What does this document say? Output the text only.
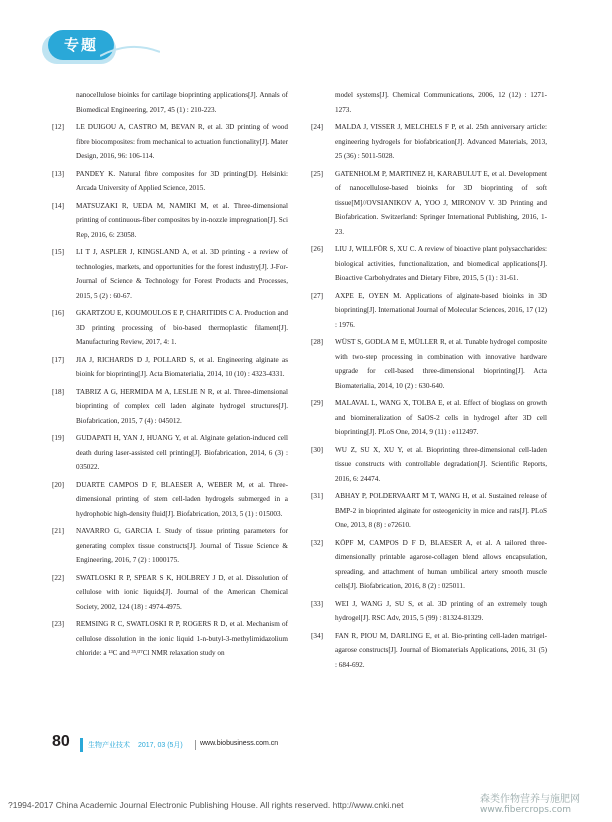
专题
nanocellulose bioinks for cartilage bioprinting applications[J]. Annals of Biomedical Engineering, 2017, 45 (1) : 210-223.
[12]	LE DUIGOU A, CASTRO M, BEVAN R, et al. 3D printing of wood fibre biocomposites: from mechanical to actuation functionality[J]. Mater Design, 2016, 96: 106-114.
[13]	PANDEY K. Natural fibre composites for 3D printing[D]. Helsinki: Arcada University of Applied Science, 2015.
[14]	MATSUZAKI R, UEDA M, NAMIKI M, et al. Three-dimensional printing of continuous-fiber composites by in-nozzle impregnation[J]. Sci Rep, 2016, 6: 23058.
[15]	LI T J, ASPLER J, KINGSLAND A, et al. 3D printing - a review of technologies, markets, and opportunities for the forest industry[J]. J-For-Journal of Science & Technology for Forest Products and Processes, 2015, 5 (2) : 60-67.
[16]	GKARTZOU E, KOUMOULOS E P, CHARITIDIS C A. Production and 3D printing processing of bio-based thermoplastic filament[J]. Manufacturing Review, 2017, 4: 1.
[17]	JIA J, RICHARDS D J, POLLARD S, et al. Engineering alginate as bioink for bioprinting[J]. Acta Biomaterialia, 2014, 10 (10) : 4323-4331.
[18]	TABRIZ A G, HERMIDA M A, LESLIE N R, et al. Three-dimensional bioprinting of complex cell laden alginate hydrogel structures[J]. Biofabrication, 2015, 7 (4) : 045012.
[19]	GUDAPATI H, YAN J, HUANG Y, et al. Alginate gelation-induced cell death during laser-assisted cell printing[J]. Biofabrication, 2014, 6 (3) : 035022.
[20]	DUARTE CAMPOS D F, BLAESER A, WEBER M, et al. Three-dimensional printing of stem cell-laden hydrogels submerged in a hydrophobic high-density fluid[J]. Biofabrication, 2013, 5 (1) : 015003.
[21]	NAVARRO G, GARCIA I. Study of tissue printing parameters for generating complex tissue constructs[J]. Journal of Tissue Science & Engineering, 2016, 7 (2) : 1000175.
[22]	SWATLOSKI R P, SPEAR S K, HOLBREY J D, et al. Dissolution of cellulose with ionic liquids[J]. Journal of the American Chemical Society, 2002, 124 (18) : 4974-4975.
[23]	REMSING R C, SWATLOSKI R P, ROGERS R D, et al. Mechanism of cellulose dissolution in the ionic liquid 1-n-butyl-3-methylimidazolium chloride: a ¹³C and ³⁵/³⁷Cl NMR relaxation study on
model systems[J]. Chemical Communications, 2006, 12 (12) : 1271-1273.
[24]	MALDA J, VISSER J, MELCHELS F P, et al. 25th anniversary article: engineering hydrogels for biofabrication[J]. Advanced Materials, 2013, 25 (36) : 5011-5028.
[25]	GATENHOLM P, MARTINEZ H, KARABULUT E, et al. Development of nanocellulose-based bioinks for 3D bioprinting of soft tissue[M]//OVSIANIKOV A, YOO J, MIRONOV V. 3D Printing and Biofabrication. Switzerland: Springer International Publishing, 2016, 1-23.
[26]	LIU J, WILLFÖR S, XU C. A review of bioactive plant polysaccharides: biological activities, functionalization, and biomedical applications[J]. Bioactive Carbohydrates and Dietary Fibre, 2015, 5 (1) : 31-61.
[27]	AXPE E, OYEN M. Applications of alginate-based bioinks in 3D bioprinting[J]. International Journal of Molecular Sciences, 2016, 17 (12) : 1976.
[28]	WÜST S, GODLA M E, MÜLLER R, et al. Tunable hydrogel composite with two-step processing in combination with innovative hardware upgrade for cell-based three-dimensional bioprinting[J]. Acta Biomaterialia, 2014, 10 (2) : 630-640.
[29]	MALAVAL L, WANG X, TOLBA E, et al. Effect of bioglass on growth and biomineralization of SaOS-2 cells in hydrogel after 3D cell bioprinting[J]. PLoS One, 2014, 9 (11) : e112497.
[30]	WU Z, SU X, XU Y, et al. Bioprinting three-dimensional cell-laden tissue constructs with controllable degradation[J]. Scientific Reports, 2016, 6: 24474.
[31]	ABHAY P, POLDERVAART M T, WANG H, et al. Sustained release of BMP-2 in bioprinted alginate for osteogenicity in mice and rats[J]. PLoS One, 2013, 8 (8) : e72610.
[32]	KÖPF M, CAMPOS D F D, BLAESER A, et al. A tailored three-dimensionally printable agarose-collagen blend allows encapsulation, spreading, and attachment of human umbilical artery smooth muscle cells[J]. Biofabrication, 2016, 8 (2) : 025011.
[33]	WEI J, WANG J, SU S, et al. 3D printing of an extremely tough hydrogel[J]. RSC Adv, 2015, 5 (99) : 81324-81329.
[34]	FAN R, PIOU M, DARLING E, et al. Bio-printing cell-laden matrigel-agarose constructs[J]. Journal of Biomaterials Applications, 2016, 31 (5) : 684-692.
80	生物产业技术 2017, 03 (5月) www.biobusiness.com.cn
?1994-2017 China Academic Journal Electronic Publishing House. All rights reserved. http://www.cnki.net	森类作物营养与施肥网
www.fibercrops.com
